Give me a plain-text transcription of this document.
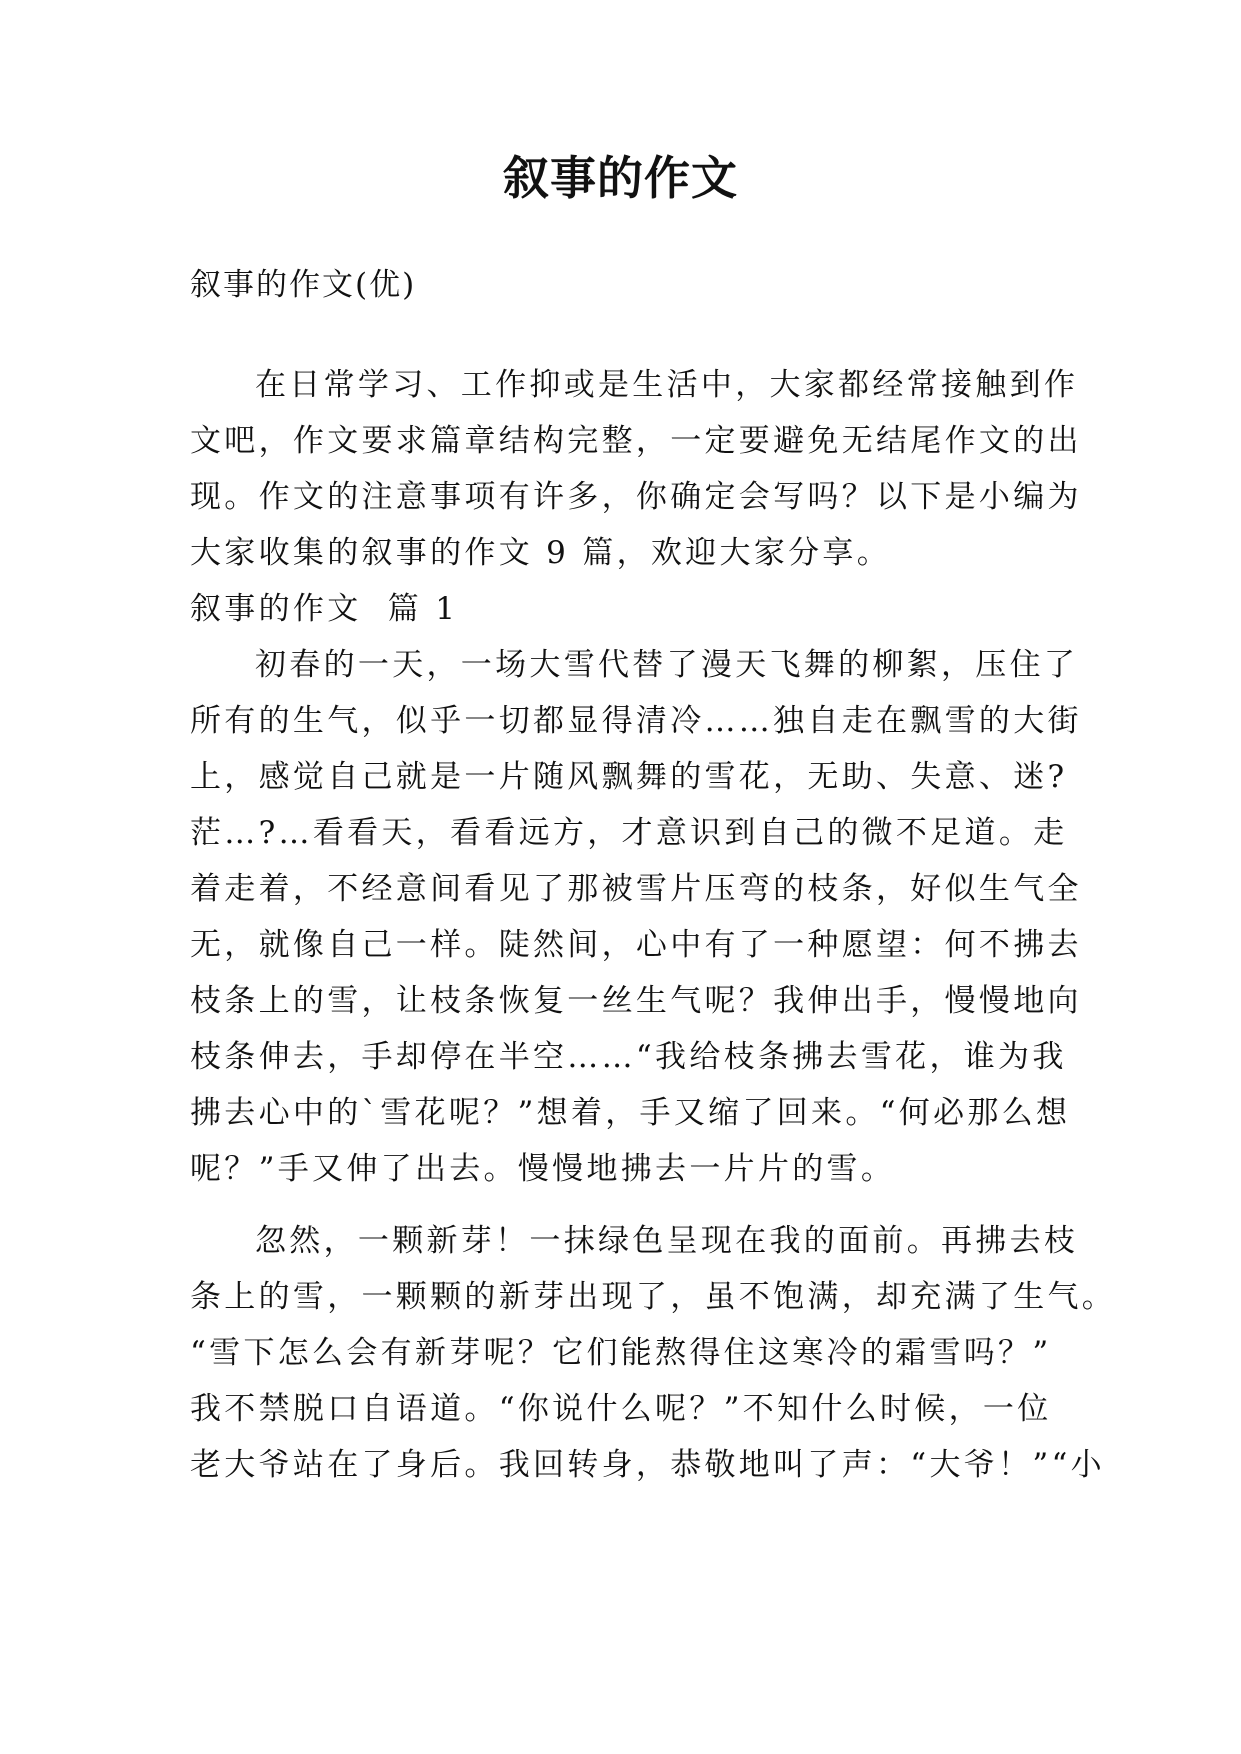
叙事的作文
叙事的作文(优)
在日常学习、工作抑或是生活中，大家都经常接触到作
文吧，作文要求篇章结构完整，一定要避免无结尾作文的出
现。作文的注意事项有许多，你确定会写吗？以下是小编为
大家收集的叙事的作文 9 篇，欢迎大家分享。
叙事的作文  篇 1
初春的一天，一场大雪代替了漫天飞舞的柳絮，压住了
所有的生气，似乎一切都显得清冷……独自走在飘雪的大街
上，感觉自己就是一片随风飘舞的雪花，无助、失意、迷?
茫…?…看看天，看看远方，才意识到自己的微不足道。走
着走着，不经意间看见了那被雪片压弯的枝条，好似生气全
无，就像自己一样。陡然间，心中有了一种愿望：何不拂去
枝条上的雪，让枝条恢复一丝生气呢？我伸出手，慢慢地向
枝条伸去，手却停在半空……“我给枝条拂去雪花，谁为我
拂去心中的`雪花呢？”想着，手又缩了回来。“何必那么想
呢？”手又伸了出去。慢慢地拂去一片片的雪。
忽然，一颗新芽！一抹绿色呈现在我的面前。再拂去枝
条上的雪，一颗颗的新芽出现了，虽不饱满，却充满了生气。
“雪下怎么会有新芽呢？它们能熬得住这寒冷的霜雪吗？”
我不禁脱口自语道。“你说什么呢？”不知什么时候，一位
老大爷站在了身后。我回转身，恭敬地叫了声：“大爷！”“小
